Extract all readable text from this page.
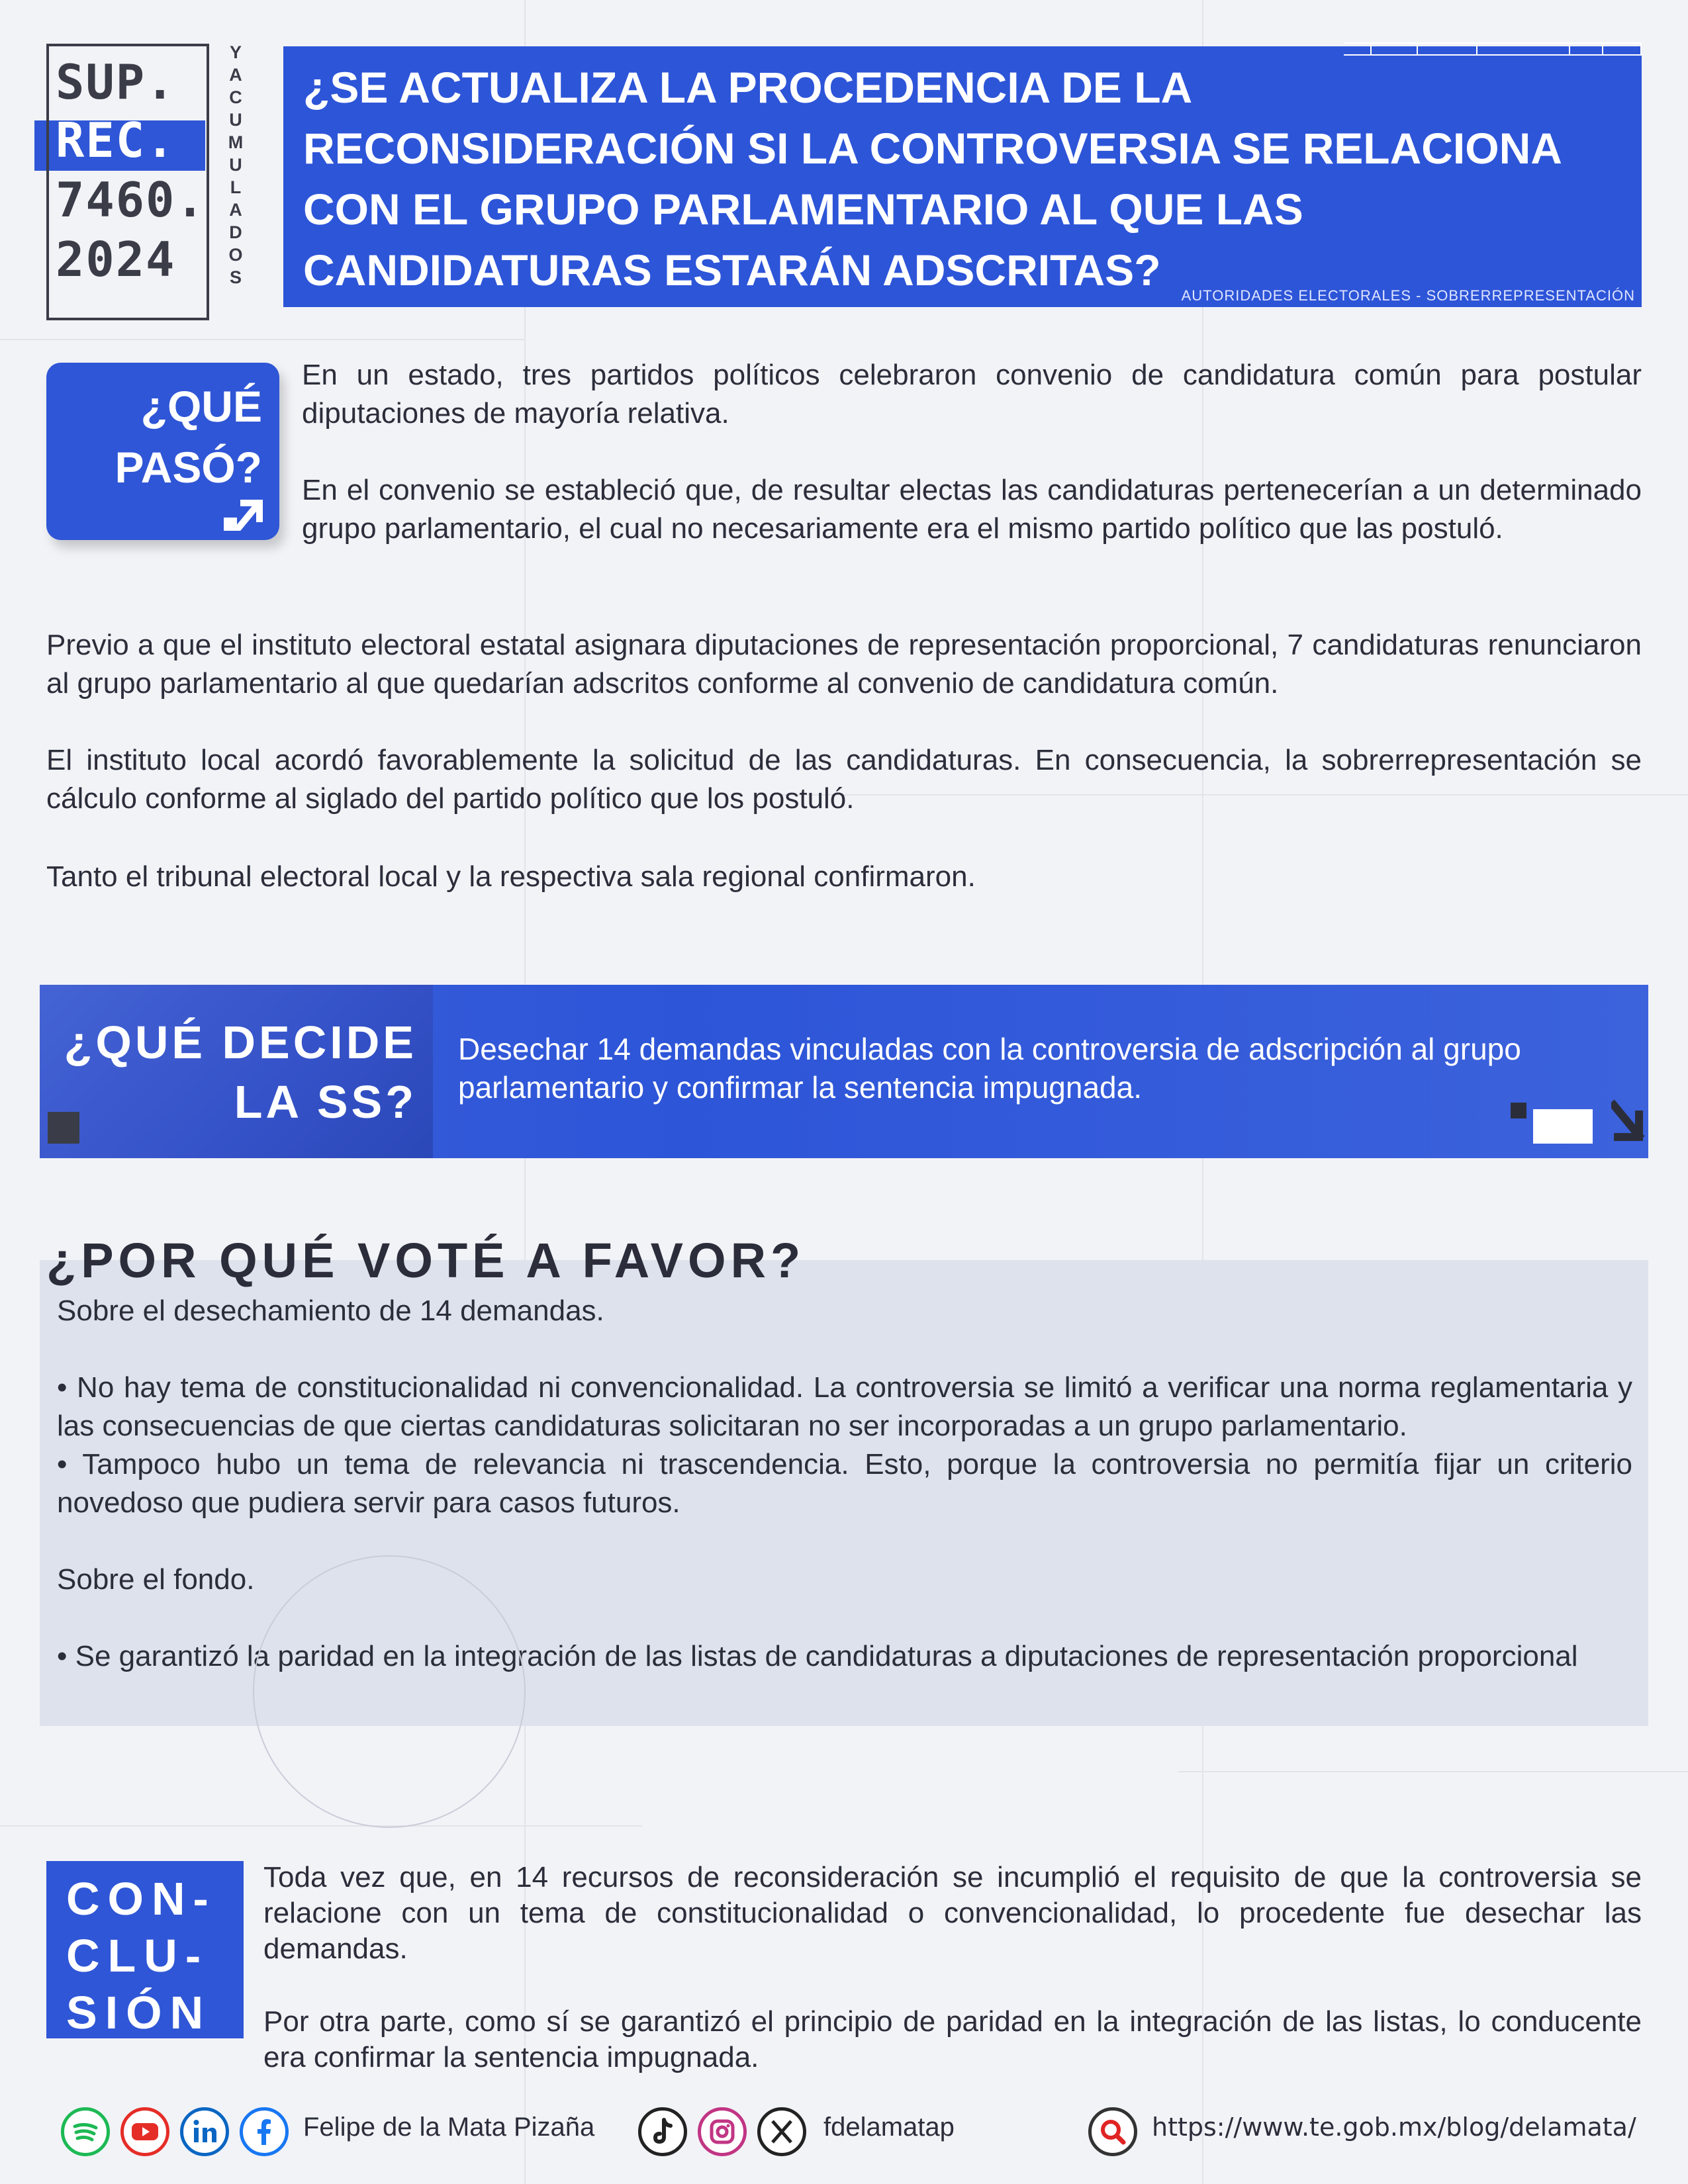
SUP.
REC.
7460.
2024
Y
A
C
U
M
U
L
A
D
O
S
¿SE ACTUALIZA LA PROCEDENCIA DE LA RECONSIDERACIÓN SI LA CONTROVERSIA SE RELACIONA CON EL GRUPO PARLAMENTARIO AL QUE LAS CANDIDATURAS ESTARÁN ADSCRITAS?
AUTORIDADES ELECTORALES - SOBRERREPRESENTACIÓN
¿QUÉ
PASÓ?

En un estado, tres partidos políticos celebraron convenio de candidatura común para postular diputaciones de mayoría relativa.

En el convenio se estableció que, de resultar electas las candidaturas pertenecerían a un determinado grupo parlamentario, el cual no necesariamente era el mismo partido político que las postuló.

Previo a que el instituto electoral estatal asignara diputaciones de representación proporcional, 7 candidaturas renunciaron al grupo parlamentario al que quedarían adscritos conforme al convenio de candidatura común.

El instituto local acordó favorablemente la solicitud de las candidaturas. En consecuencia, la sobrerrepresentación se cálculo conforme al siglado del partido político que los postuló.

Tanto el tribunal electoral local y la respectiva sala regional confirmaron.

¿QUÉ DECIDE
LA SS?

Desechar 14 demandas vinculadas con la controversia de adscripción al grupo parlamentario y confirmar la sentencia impugnada.

Sobre el desechamiento de 14 demandas.

• No hay tema de constitucionalidad ni convencionalidad. La controversia se limitó a verificar una norma reglamentaria y las consecuencias de que ciertas candidaturas solicitaran no ser incorporadas a un grupo parlamentario.

• Tampoco hubo un tema de relevancia ni trascendencia. Esto, porque la controversia no permitía fijar un criterio novedoso que pudiera servir para casos futuros.

Sobre el fondo.

• Se garantizó la paridad en la integración de las listas de candidaturas a diputaciones de representación proporcional

¿POR QUÉ VOTÉ A FAVOR?
CON-
CLU-
SIÓN

Toda vez que, en 14 recursos de reconsideración se incumplió el requisito de que la controversia se relacione con un tema de constitucionalidad o convencionalidad, lo procedente fue desechar las demandas.

Por otra parte, como sí se garantizó el principio de paridad en la integración de las listas, lo conducente era confirmar la sentencia impugnada.

Felipe de la Mata Pizaña	fdelamatap	https://www.te.gob.mx/blog/delamata/
